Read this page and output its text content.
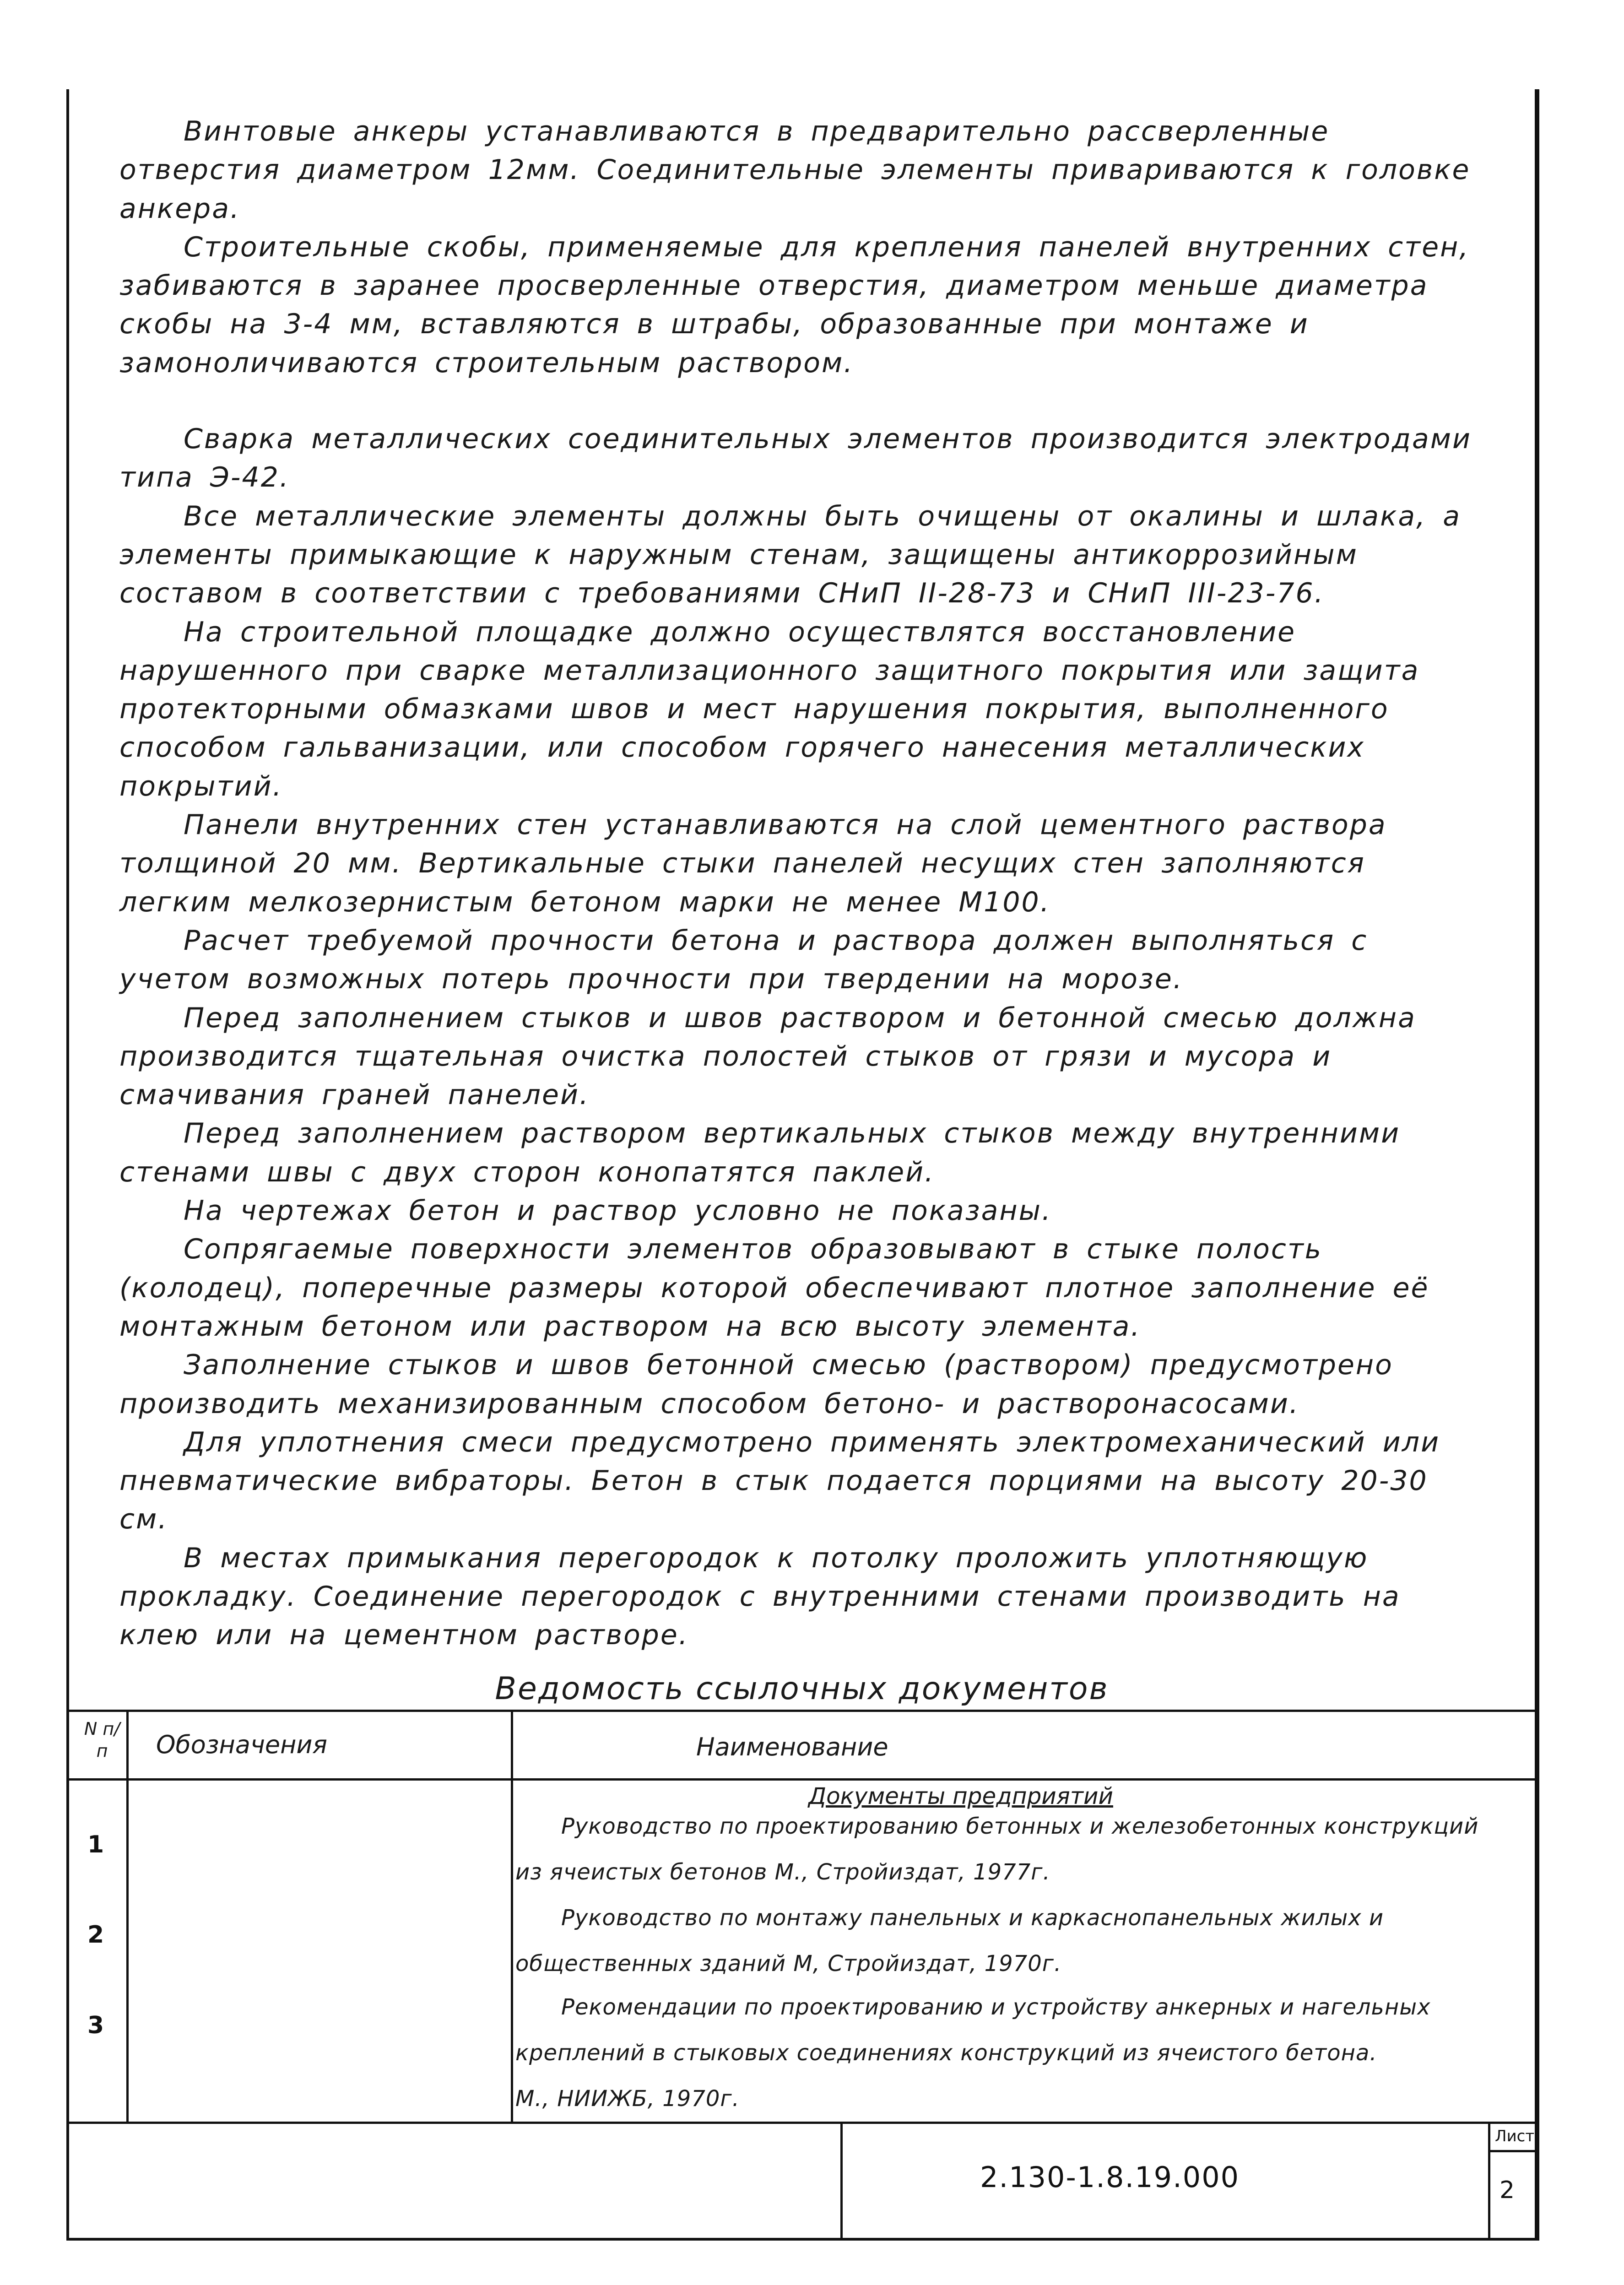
Винтовые анкеры устанавливаются в предварительно рассверленные отверстия диаметром 12мм. Соединительные элементы приваривaются к головке анкера.

Строительные скобы, применяемые для крепления панелей внутренних стен, забиваются в заранее просверленные отверстия, диаметром меньше диаметра скобы на 3-4 мм, вставляются в штрабы, образованные при монтаже и замоноличиваются строительным раствором.

Сварка металлических соединительных элементов производится электродами типа Э-42.

Все металлические элементы должны быть очищены от окалины и шлака, а элементы примыкающие к наружным стенам, защищены антикоррозийным составом в соответствии с требованиями СНиП II-28-73 и СНиП III-23-76.

На строительной площадке должно осуществлятся восстановление нарушенного при сварке металлизационного защитного покрытия или защита протекторными обмазками швов и мест нарушения покрытия, выполненного способом гальванизации, или способом горячего нанесения металлических покрытий.

Панели внутренних стен устанавливаются на слой цементного раствора толщиной 20 мм. Вертикальные стыки панелей несущих стен заполняются легким мелкозернистым бетоном марки не менее М100.

Расчет требуемой прочности бетона и раствора должен выполняться с учетом возможных потерь прочности при твердении на морозе.

Перед заполнением стыков и швов раствором и бетонной смесью должна производится тщательная очистка полостей стыков от грязи и мусора и смачивания граней панелей.

Перед заполнением раствором вертикальных стыков между внутренними стенами швы с двух сторон конопатятся паклей.

На чертежах бетон и раствор условно не показаны.

Сопрягаемые поверхности элементов образовывают в стыке полость (колодец), поперечные размеры которой обеспечивают плотное заполнение её монтажным бетоном или раствором на всю высоту элемента.

Заполнение стыков и швов бетонной смесью (раствором) предусмотрено производить механизированным способом бетоно- и растворонасосами.

Для уплотнения смеси предусмотрено применять электромеханический или пневматические вибраторы. Бетон в стык подается порциями на высоту 20-30 см.

В местах примыкания перегородок к потолку проложить уплотняющую прокладку. Соединение перегородок с внутренними стенами производить на клею или на цементном растворе.

Ведомость ссылочных документов
N п/п	Обозначения	Наименование
Документы предприятий
1

Руководство по проектированию бетонных и железобетонных конструкций

из ячеистых бетонов М., Стройиздат, 1977г.

2

Руководство по монтажу панельных и каркаснопанельных жилых и

общественных зданий М, Стройиздат, 1970г.

3

Рекомендации по проектированию и устройству анкерных и нагельных

креплений в стыковых соединениях конструкций из ячеистого бетона.

М., НИИЖБ, 1970г.

2.130-1.8.19.000
Лист
2
